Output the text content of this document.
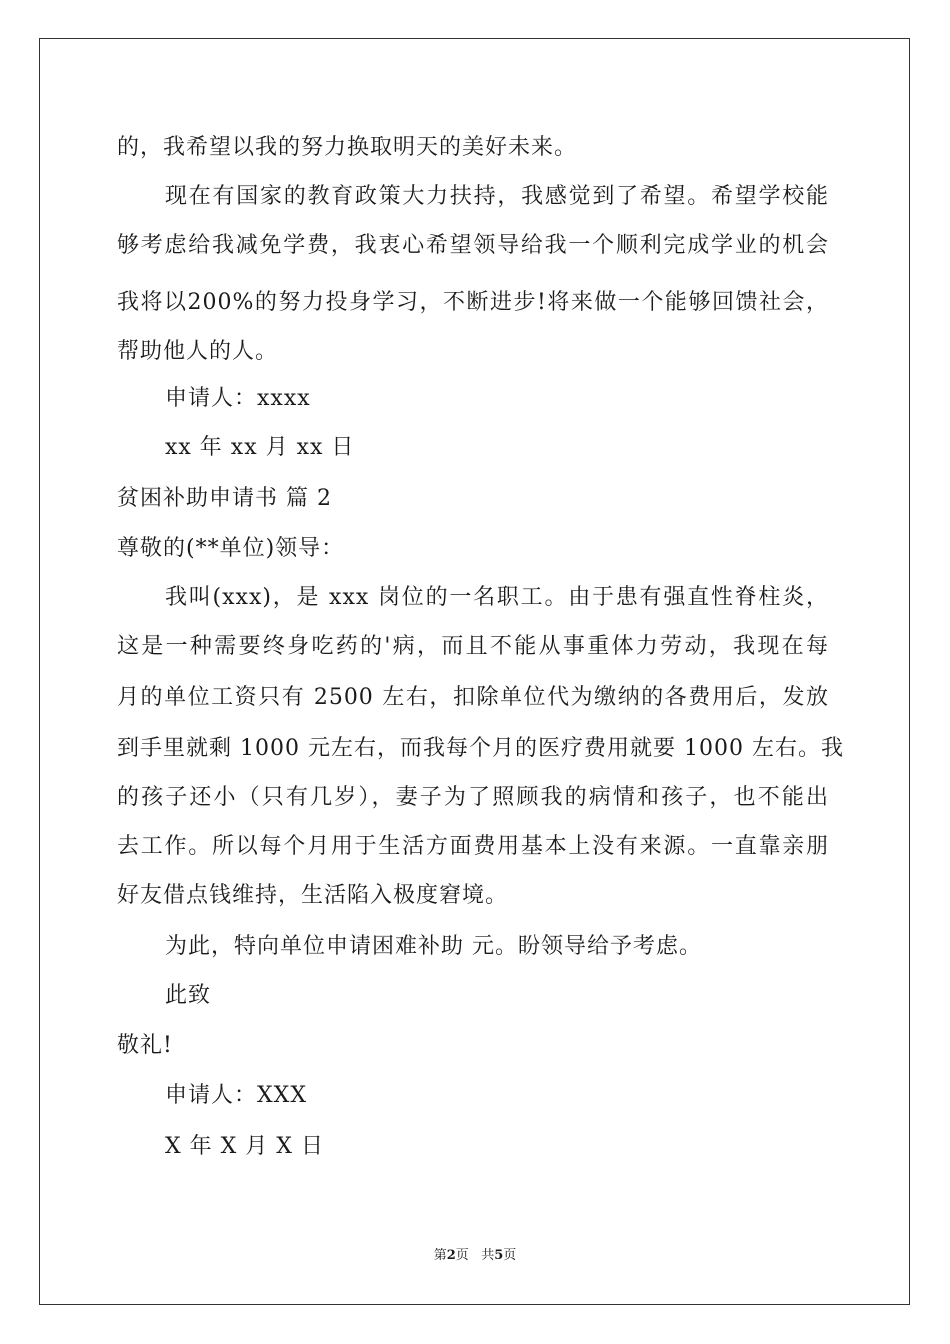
的，我希望以我的努力换取明天的美好未来。
现在有国家的教育政策大力扶持，我感觉到了希望。希望学校能
够考虑给我减免学费，我衷心希望领导给我一个顺利完成学业的机会
我将以200%的努力投身学习，不断进步!将来做一个能够回馈社会，
帮助他人的人。
申请人：xxxx
xx 年 xx 月 xx 日
贫困补助申请书 篇 2
尊敬的(**单位)领导：
我叫(xxx)，是 xxx 岗位的一名职工。由于患有强直性脊柱炎，
这是一种需要终身吃药的'病，而且不能从事重体力劳动，我现在每
月的单位工资只有 2500 左右，扣除单位代为缴纳的各费用后，发放
到手里就剩 1000 元左右，而我每个月的医疗费用就要 1000 左右。我
的孩子还小（只有几岁），妻子为了照顾我的病情和孩子，也不能出
去工作。所以每个月用于生活方面费用基本上没有来源。一直靠亲朋
好友借点钱维持，生活陷入极度窘境。
为此，特向单位申请困难补助 元。盼领导给予考虑。
此致
敬礼!
申请人：XXX
X 年 X 月 X 日
第2页 共5页
